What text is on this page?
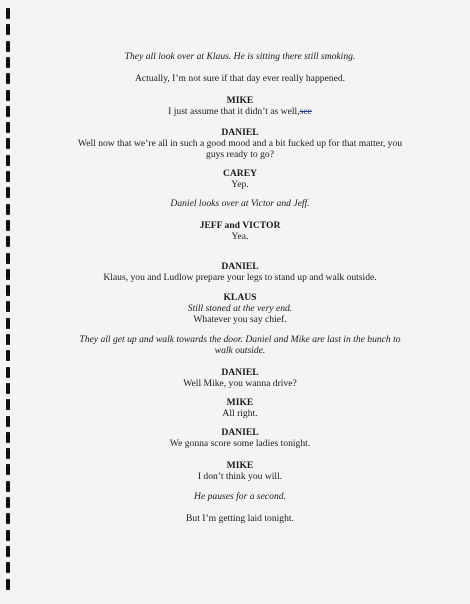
They all look over at Klaus. He is sitting there still smoking.
Actually, I’m not sure if that day ever really happened.
MIKE
I just assume that it didn’t as well,see
DANIEL
Well now that we’re all in such a good mood and a bit fucked up for that matter, you
guys ready to go?
CAREY
Yep.
Daniel looks over at Victor and Jeff.
JEFF and VICTOR
Yea.
DANIEL
Klaus, you and Ludlow prepare your legs to stand up and walk outside.
KLAUS
Still stoned at the very end.
Whatever you say chief.
They all get up and walk towards the door. Daniel and Mike are last in the bunch to
walk outside.
DANIEL
Well Mike, you wanna drive?
MIKE
All right.
DANIEL
We gonna score some ladies tonight.
MIKE
I don’t think you will.
He pauses for a second.
But I’m getting laid tonight.
